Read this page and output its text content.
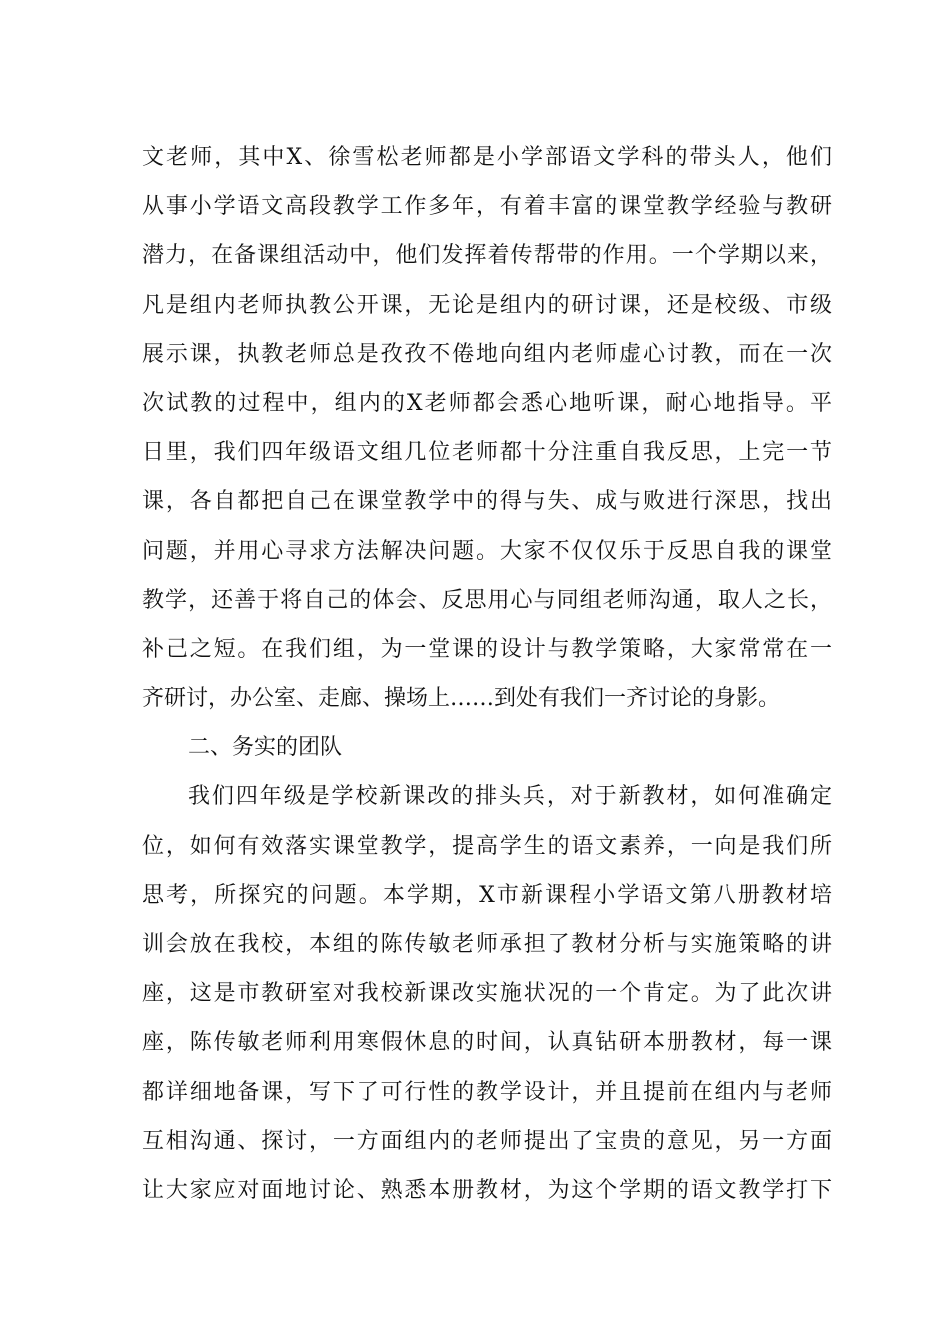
文老师，其中X、徐雪松老师都是小学部语文学科的带头人，他们
从事小学语文高段教学工作多年，有着丰富的课堂教学经验与教研
潜力，在备课组活动中，他们发挥着传帮带的作用。一个学期以来，
凡是组内老师执教公开课，无论是组内的研讨课，还是校级、市级
展示课，执教老师总是孜孜不倦地向组内老师虚心讨教，而在一次
次试教的过程中，组内的X老师都会悉心地听课，耐心地指导。平
日里，我们四年级语文组几位老师都十分注重自我反思，上完一节
课，各自都把自己在课堂教学中的得与失、成与败进行深思，找出
问题，并用心寻求方法解决问题。大家不仅仅乐于反思自我的课堂
教学，还善于将自己的体会、反思用心与同组老师沟通，取人之长，
补己之短。在我们组，为一堂课的设计与教学策略，大家常常在一
齐研讨，办公室、走廊、操场上……到处有我们一齐讨论的身影。
二、务实的团队
我们四年级是学校新课改的排头兵，对于新教材，如何准确定
位，如何有效落实课堂教学，提高学生的语文素养，一向是我们所
思考，所探究的问题。本学期，X市新课程小学语文第八册教材培
训会放在我校，本组的陈传敏老师承担了教材分析与实施策略的讲
座，这是市教研室对我校新课改实施状况的一个肯定。为了此次讲
座，陈传敏老师利用寒假休息的时间，认真钻研本册教材，每一课
都详细地备课，写下了可行性的教学设计，并且提前在组内与老师
互相沟通、探讨，一方面组内的老师提出了宝贵的意见，另一方面
让大家应对面地讨论、熟悉本册教材，为这个学期的语文教学打下
